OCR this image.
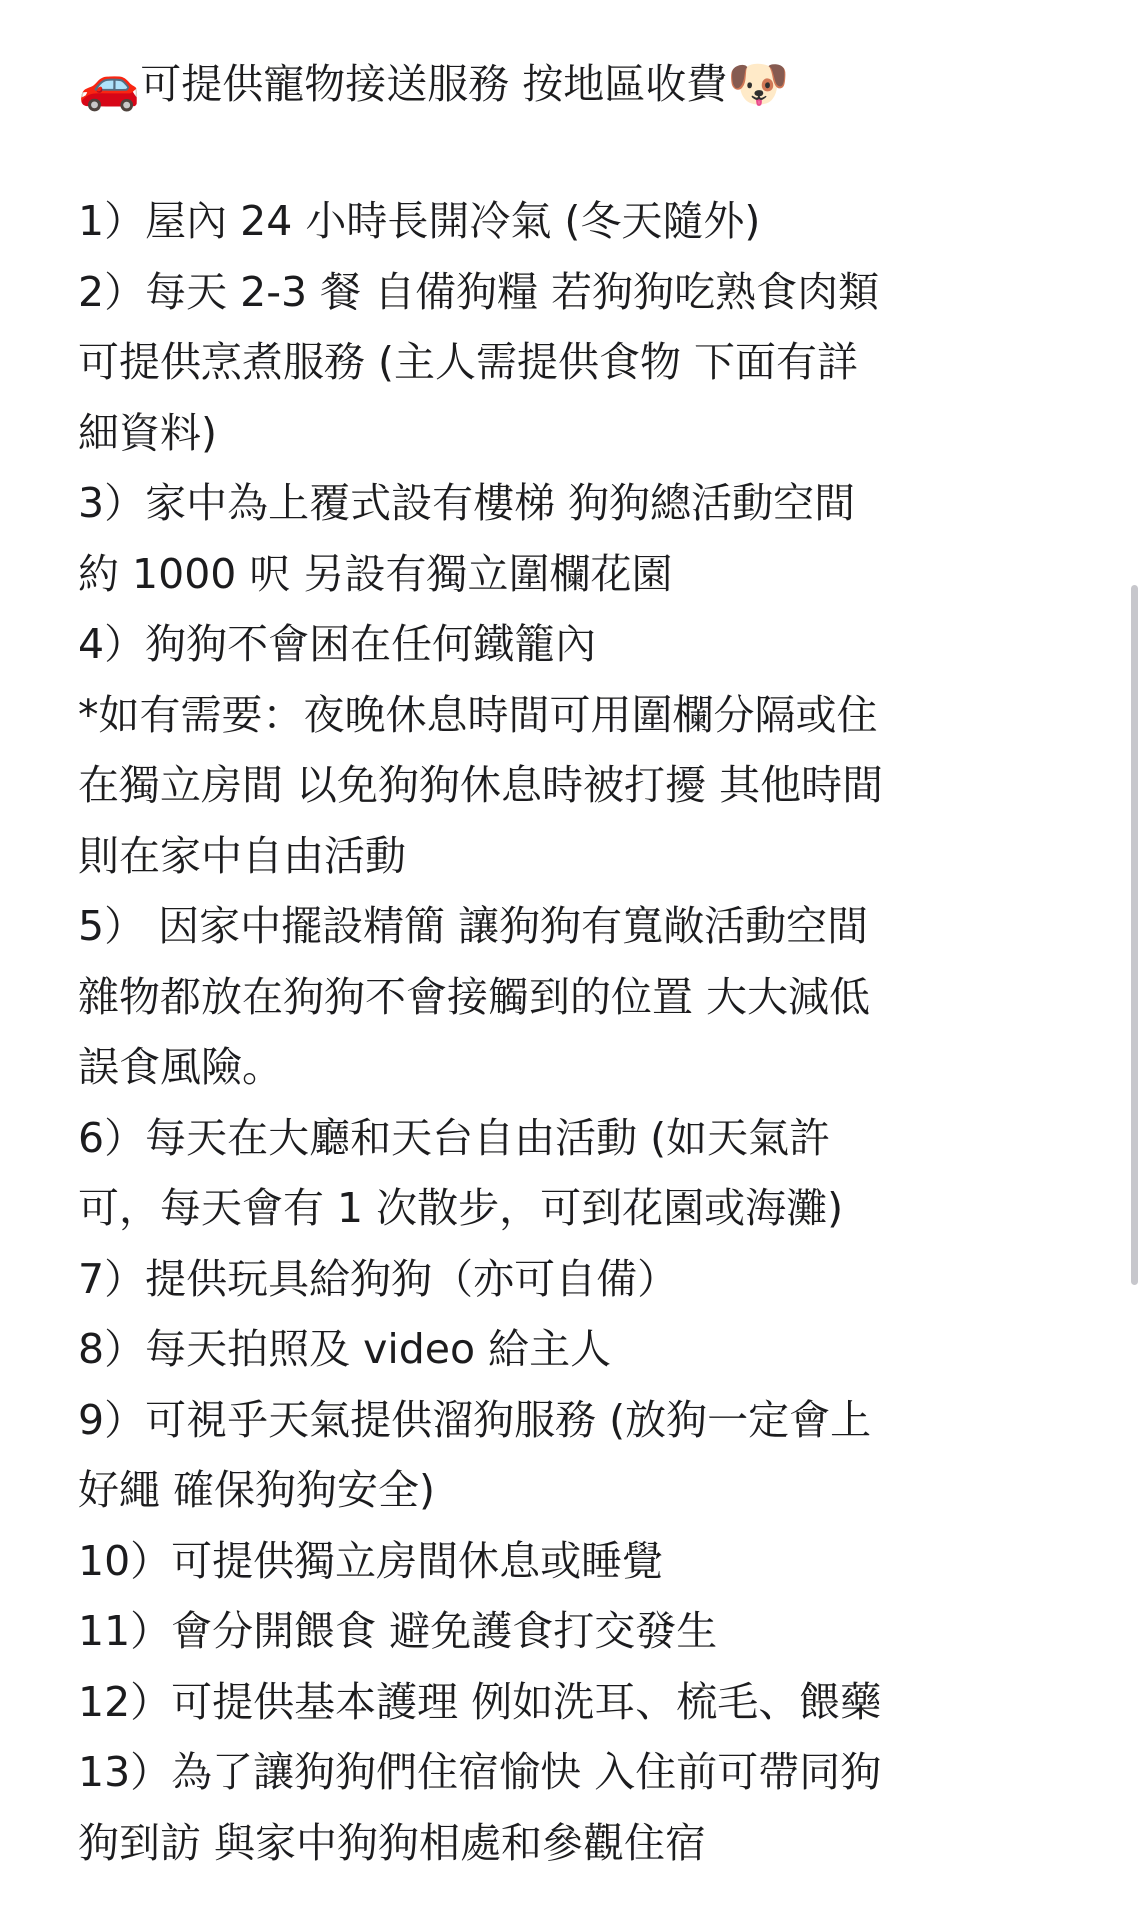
🚗 可提供寵物接送服務 按地區收費 🐶
1）屋內 24 小時長開冷氣 (冬天隨外)
2）每天 2-3 餐 自備狗糧 若狗狗吃熟食肉類
可提供烹煮服務 (主人需提供食物 下面有詳
細資料)
3）家中為上覆式設有樓梯 狗狗總活動空間
約 1000 呎 另設有獨立圍欄花園
4）狗狗不會困在任何鐵籠內
*如有需要：夜晚休息時間可用圍欄分隔或住
在獨立房間 以免狗狗休息時被打擾 其他時間
則在家中自由活動
5） 因家中擺設精簡 讓狗狗有寬敞活動空間
雜物都放在狗狗不會接觸到的位置 大大減低
誤食風險。
6）每天在大廳和天台自由活動 (如天氣許
可，每天會有 1 次散步，可到花園或海灘)
7）提供玩具給狗狗（亦可自備）
8）每天拍照及 video 給主人
9）可視乎天氣提供溜狗服務 (放狗一定會上
好繩 確保狗狗安全)
10）可提供獨立房間休息或睡覺
11）會分開餵食 避免護食打交發生
12）可提供基本護理 例如洗耳、梳毛、餵藥
13）為了讓狗狗們住宿愉快 入住前可帶同狗
狗到訪 與家中狗狗相處和參觀住宿
